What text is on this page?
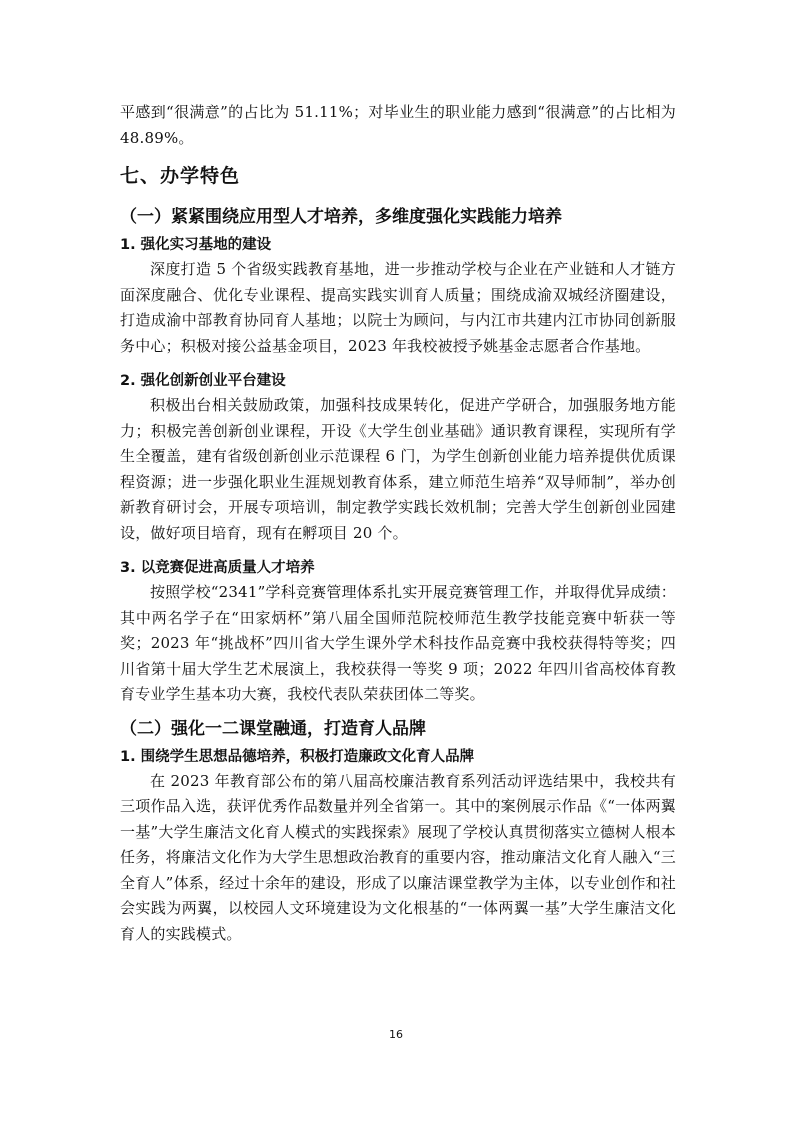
平感到“很满意”的占比为 51.11%；对毕业生的职业能力感到“很满意”的占比相为 48.89%。

七、办学特色
（一）紧紧围绕应用型人才培养，多维度强化实践能力培养
1. 强化实习基地的建设

深度打造 5 个省级实践教育基地，进一步推动学校与企业在产业链和人才链方面深度融合、优化专业课程、提高实践实训育人质量；围绕成渝双城经济圈建设，打造成渝中部教育协同育人基地；以院士为顾问，与内江市共建内江市协同创新服务中心；积极对接公益基金项目，2023 年我校被授予姚基金志愿者合作基地。

2. 强化创新创业平台建设

积极出台相关鼓励政策，加强科技成果转化，促进产学研合，加强服务地方能力；积极完善创新创业课程，开设《大学生创业基础》通识教育课程，实现所有学生全覆盖，建有省级创新创业示范课程 6 门，为学生创新创业能力培养提供优质课程资源；进一步强化职业生涯规划教育体系，建立师范生培养“双导师制”，举办创新教育研讨会，开展专项培训，制定教学实践长效机制；完善大学生创新创业园建设，做好项目培育，现有在孵项目 20 个。

3. 以竞赛促进高质量人才培养

按照学校“2341”学科竞赛管理体系扎实开展竞赛管理工作，并取得优异成绩：其中两名学子在“田家炳杯”第八届全国师范院校师范生教学技能竞赛中斩获一等奖；2023 年“挑战杯”四川省大学生课外学术科技作品竞赛中我校获得特等奖；四川省第十届大学生艺术展演上，我校获得一等奖 9 项；2022 年四川省高校体育教育专业学生基本功大赛，我校代表队荣获团体二等奖。

（二）强化一二课堂融通，打造育人品牌
1. 围绕学生思想品德培养，积极打造廉政文化育人品牌

在 2023 年教育部公布的第八届高校廉洁教育系列活动评选结果中，我校共有三项作品入选，获评优秀作品数量并列全省第一。其中的案例展示作品《“一体两翼一基”大学生廉洁文化育人模式的实践探索》展现了学校认真贯彻落实立德树人根本任务，将廉洁文化作为大学生思想政治教育的重要内容，推动廉洁文化育人融入“三全育人”体系，经过十余年的建设，形成了以廉洁课堂教学为主体，以专业创作和社会实践为两翼，以校园人文环境建设为文化根基的“一体两翼一基”大学生廉洁文化育人的实践模式。

16
